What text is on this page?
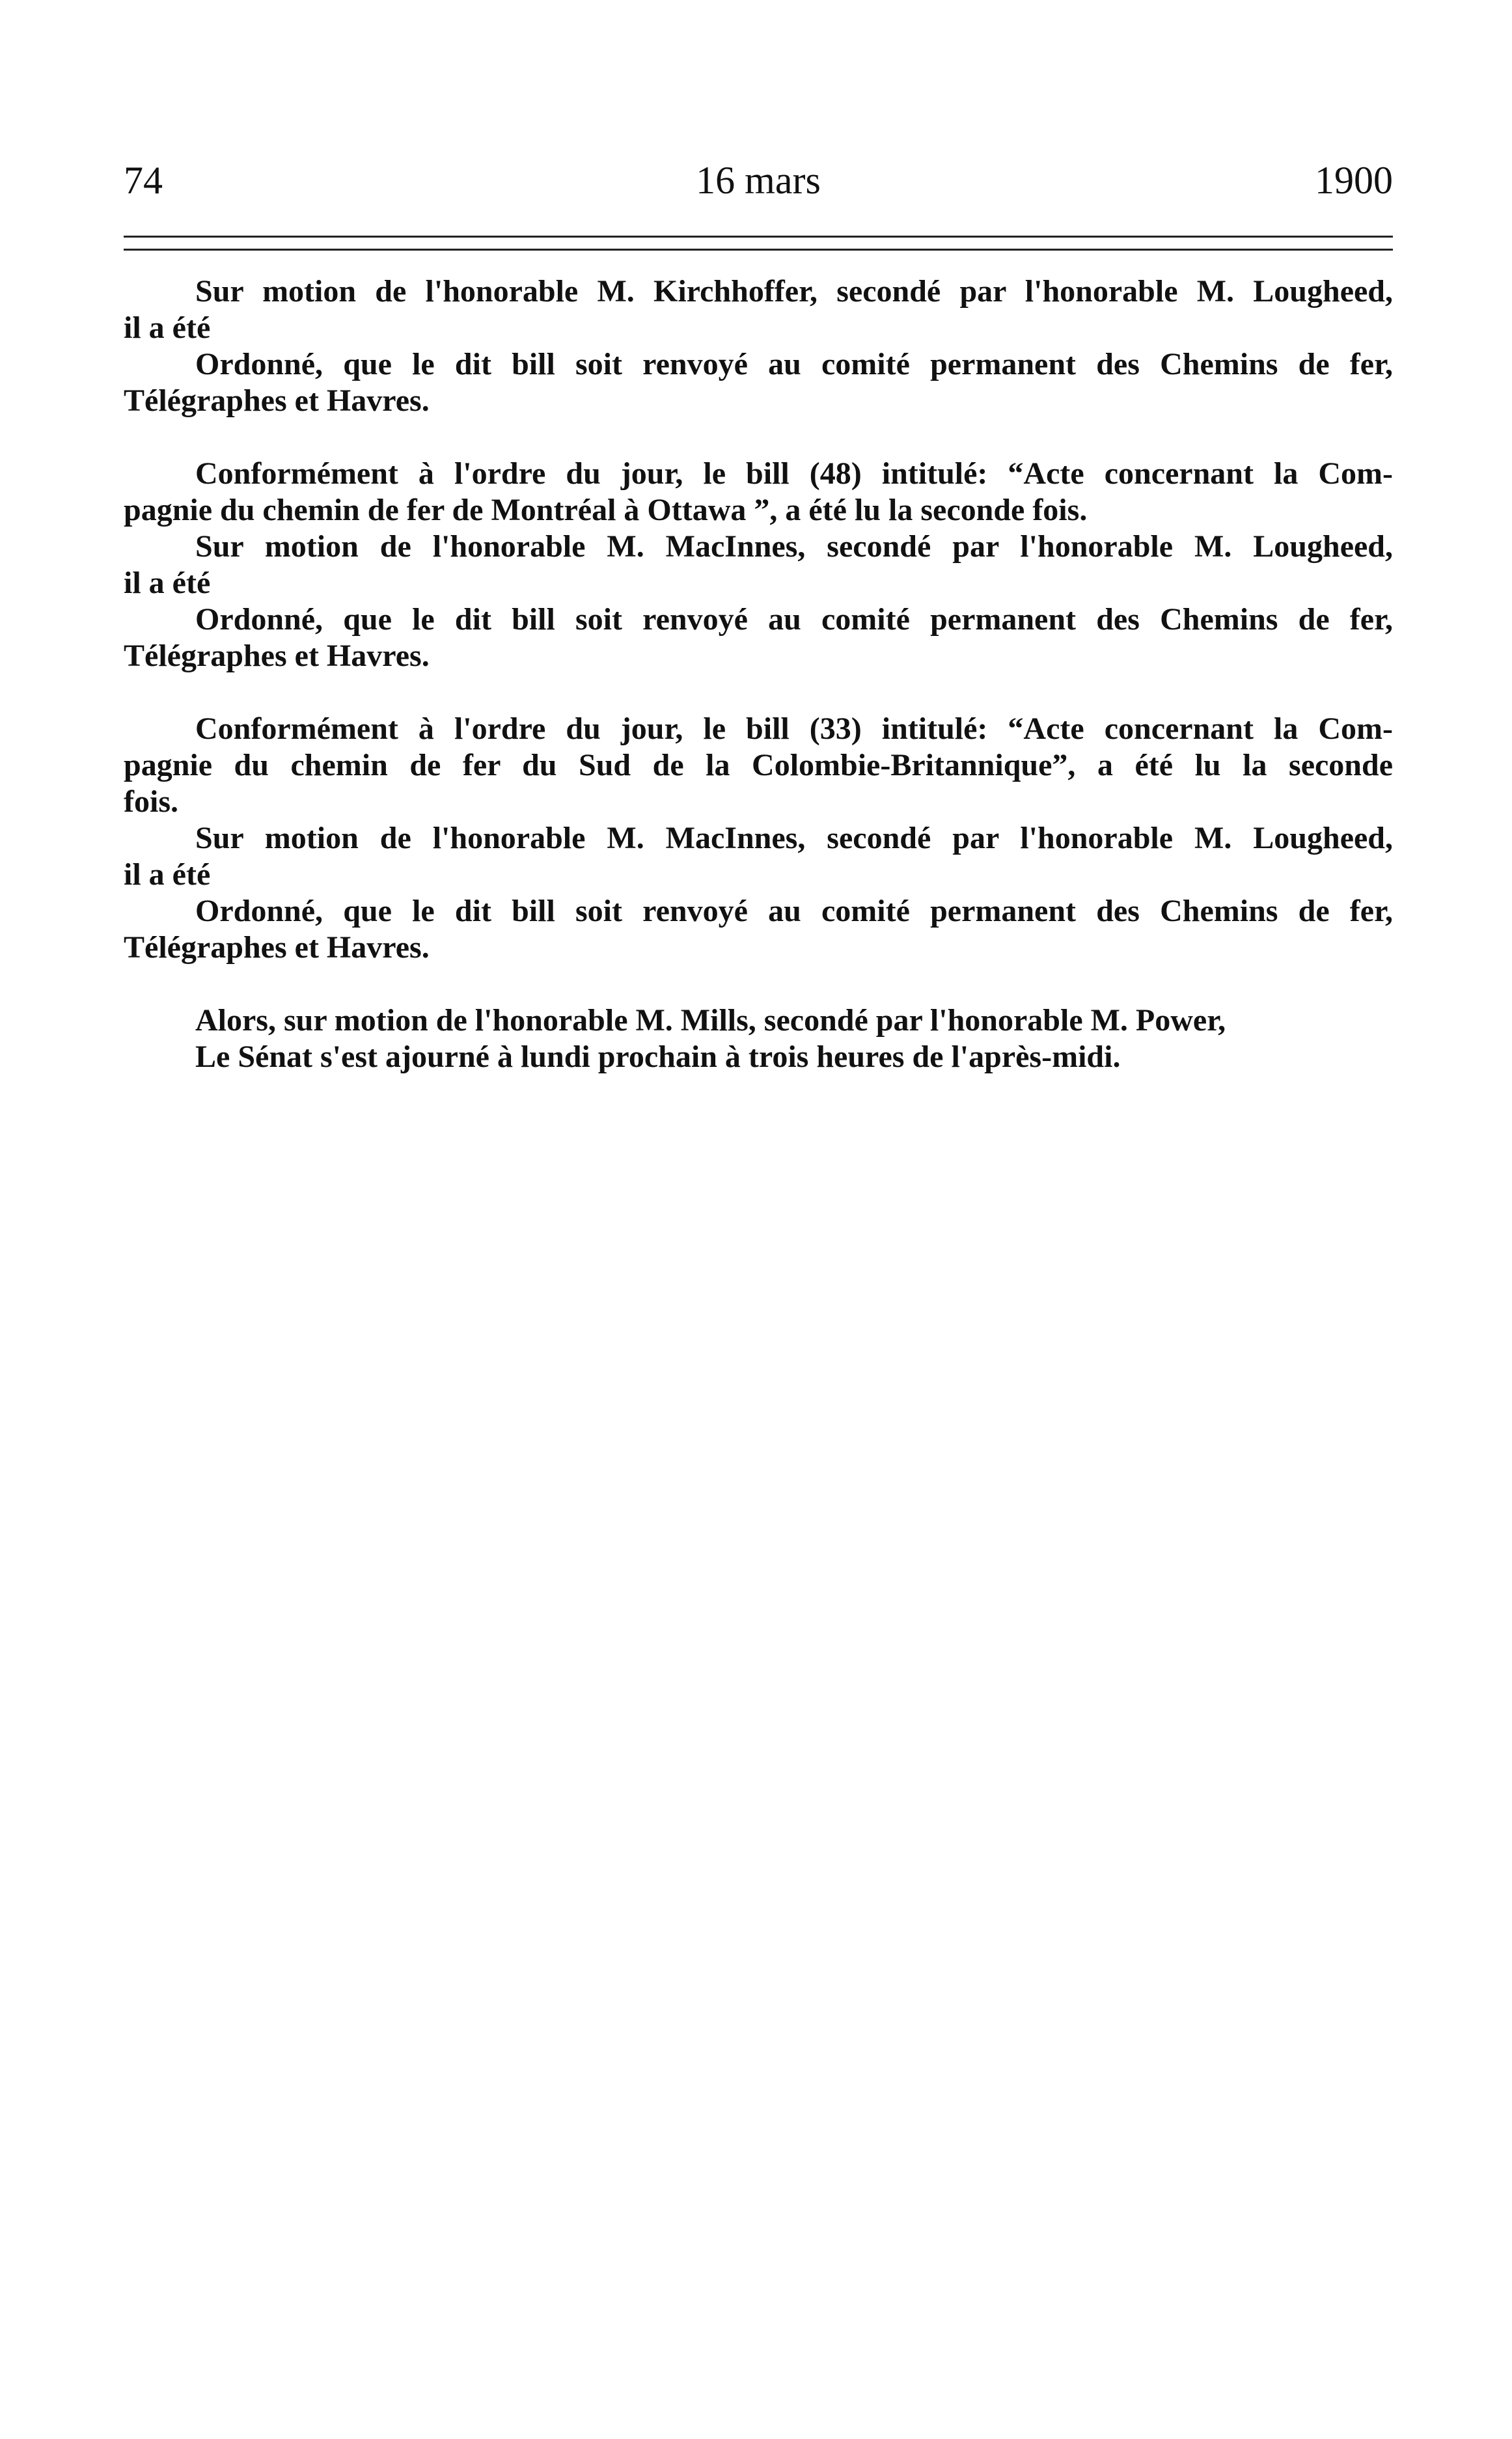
74	16 mars	1900
Sur motion de l'honorable M. Kirchhoffer, secondé par l'honorable M. Lougheed,
il a été
Ordonné, que le dit bill soit renvoyé au comité permanent des Chemins de fer,
Télégraphes et Havres.
Conformément à l'ordre du jour, le bill (48) intitulé: “Acte concernant la Com-
pagnie du chemin de fer de Montréal à Ottawa ”, a été lu la seconde fois.
Sur motion de l'honorable M. MacInnes, secondé par l'honorable M. Lougheed,
il a été
Ordonné, que le dit bill soit renvoyé au comité permanent des Chemins de fer,
Télégraphes et Havres.
Conformément à l'ordre du jour, le bill (33) intitulé: “Acte concernant la Com-
pagnie du chemin de fer du Sud de la Colombie-Britannique”, a été lu la seconde
fois.
Sur motion de l'honorable M. MacInnes, secondé par l'honorable M. Lougheed,
il a été
Ordonné, que le dit bill soit renvoyé au comité permanent des Chemins de fer,
Télégraphes et Havres.
Alors, sur motion de l'honorable M. Mills, secondé par l'honorable M. Power,
Le Sénat s'est ajourné à lundi prochain à trois heures de l'après-midi.
